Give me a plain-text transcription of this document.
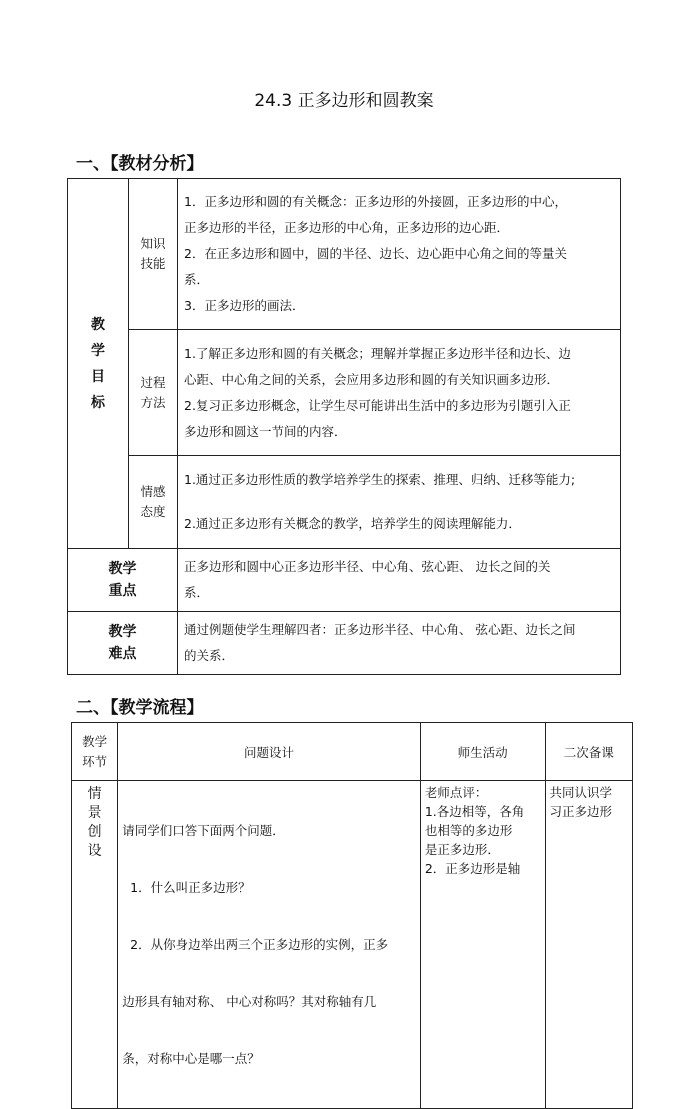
24.3 正多边形和圆教案
一、【教材分析】
教
学
目
标	知识
技能	1．正多边形和圆的有关概念：正多边形的外接圆，正多边形的中心，
正多边形的半径，正多边形的中心角，正多边形的边心距．
2．在正多边形和圆中，圆的半径、边长、边心距中心角之间的等量关
系．
3．正多边形的画法．

	过程
方法	1.了解正多边形和圆的有关概念；理解并掌握正多边形半径和边长、边
心距、中心角之间的关系，会应用多边形和圆的有关知识画多边形．
2.复习正多边形概念，让学生尽可能讲出生活中的多边形为引题引入正
多边形和圆这一节间的内容．

	情感
态度	1.通过正多边形性质的教学培养学生的探索、推理、归纳、迁移等能力;
2.通过正多边形有关概念的教学，培养学生的阅读理解能力．

教学
重点		正多边形和圆中心正多边形半径、中心角、弦心距、 边长之间的关
系．

教学
难点		通过例题使学生理解四者：正多边形半径、中心角、 弦心距、边长之间
的关系．
二、【教学流程】
教学
环节	问题设计	师生活动	二次备课

情
景
创
设	请同学们口答下面两个问题．

1．什么叫正多边形？

2．从你身边举出两三个正多边形的实例，正多

边形具有轴对称、 中心对称吗？其对称轴有几

条，对称中心是哪一点？	老师点评：
1.各边相等，各角
也相等的多边形
是正多边形．
2．正多边形是轴	共同认识学
习正多边形
